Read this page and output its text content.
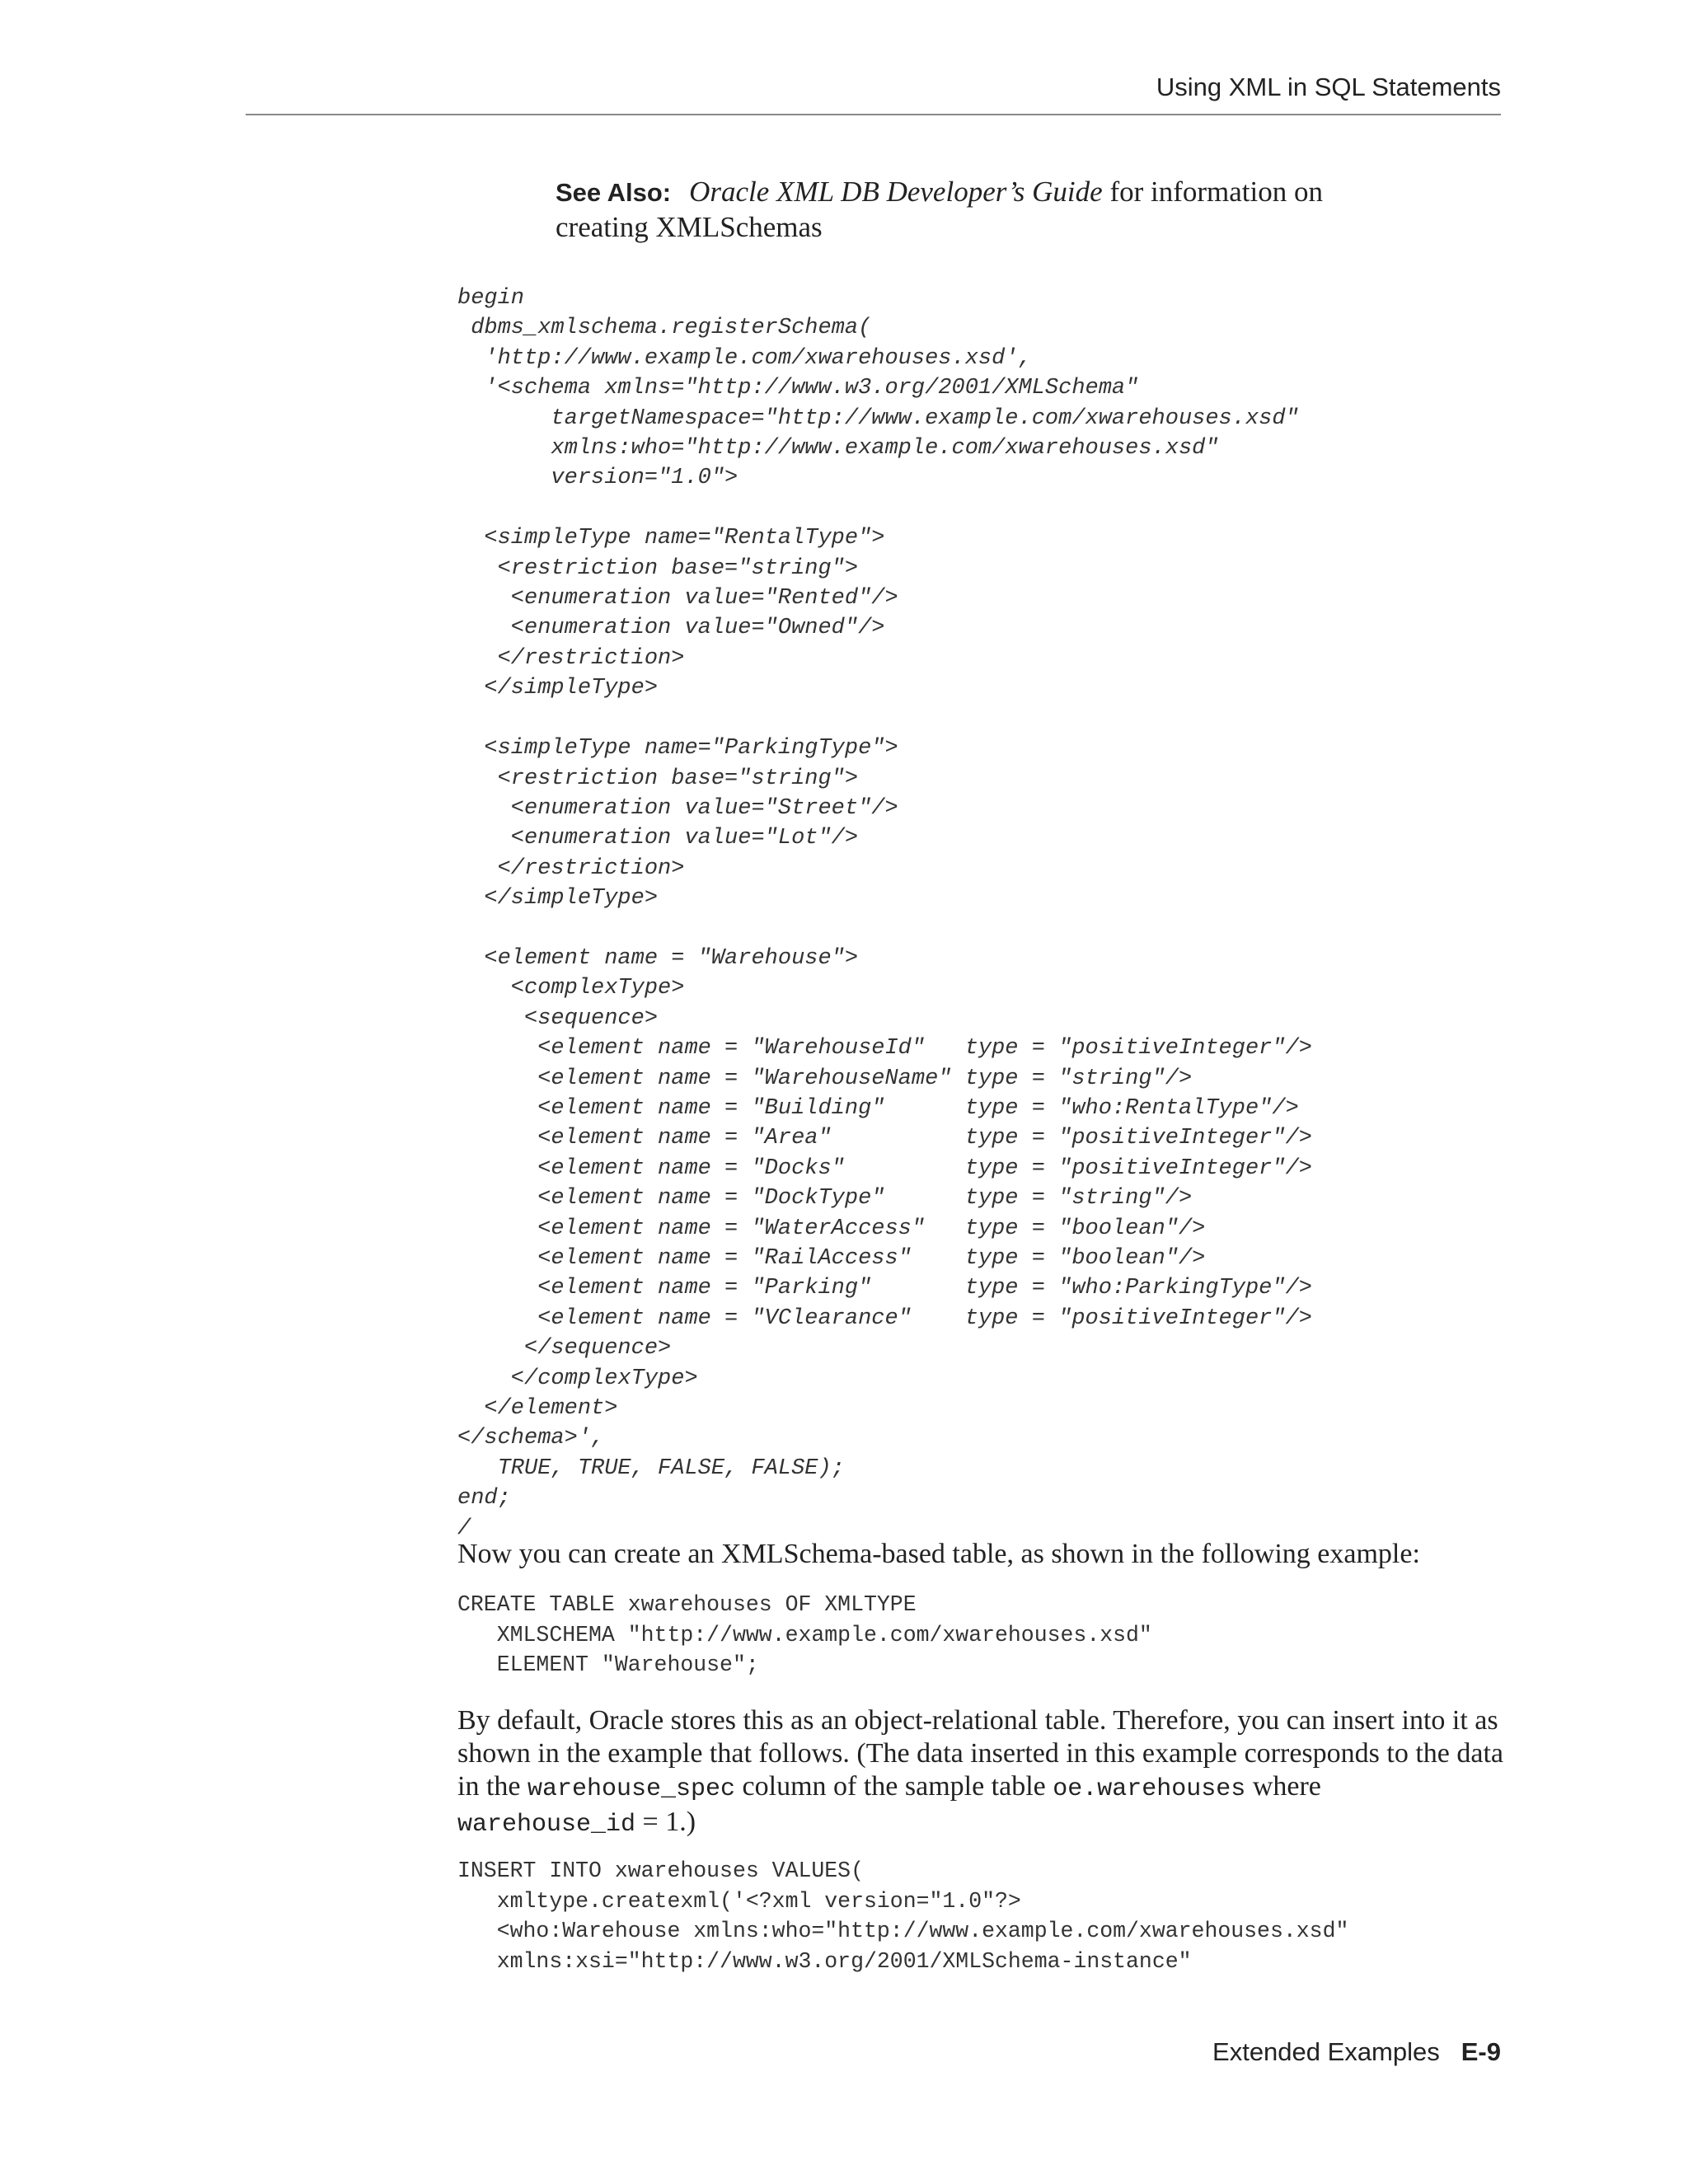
Using XML in SQL Statements
See Also: Oracle XML DB Developer’s Guide for information on
creating XMLSchemas
begin
dbms_xmlschema.registerSchema(
'http://www.example.com/xwarehouses.xsd',
'<schema xmlns="http://www.w3.org/2001/XMLSchema"
targetNamespace="http://www.example.com/xwarehouses.xsd"
xmlns:who="http://www.example.com/xwarehouses.xsd"
version="1.0">

<simpleType name="RentalType">
<restriction base="string">
<enumeration value="Rented"/>
<enumeration value="Owned"/>
</restriction>
</simpleType>

<simpleType name="ParkingType">
<restriction base="string">
<enumeration value="Street"/>
<enumeration value="Lot"/>
</restriction>
</simpleType>

<element name = "Warehouse">
<complexType>
<sequence>
<element name = "WarehouseId"   type = "positiveInteger"/>
<element name = "WarehouseName" type = "string"/>
<element name = "Building"      type = "who:RentalType"/>
<element name = "Area"          type = "positiveInteger"/>
<element name = "Docks"         type = "positiveInteger"/>
<element name = "DockType"      type = "string"/>
<element name = "WaterAccess"   type = "boolean"/>
<element name = "RailAccess"    type = "boolean"/>
<element name = "Parking"       type = "who:ParkingType"/>
<element name = "VClearance"    type = "positiveInteger"/>
</sequence>
</complexType>
</element>
</schema>',
TRUE, TRUE, FALSE, FALSE);
end;
/
Now you can create an XMLSchema-based table, as shown in the following example:
CREATE TABLE xwarehouses OF XMLTYPE
XMLSCHEMA "http://www.example.com/xwarehouses.xsd"
ELEMENT "Warehouse";
By default, Oracle stores this as an object-relational table. Therefore, you can insert into it as shown in the example that follows. (The data inserted in this example corresponds to the data in the warehouse_spec column of the sample table oe.warehouses where warehouse_id = 1.)
INSERT INTO xwarehouses VALUES(
xmltype.createxml('<?xml version="1.0"?>
<who:Warehouse xmlns:who="http://www.example.com/xwarehouses.xsd"
xmlns:xsi="http://www.w3.org/2001/XMLSchema-instance"
Extended Examples E-9
